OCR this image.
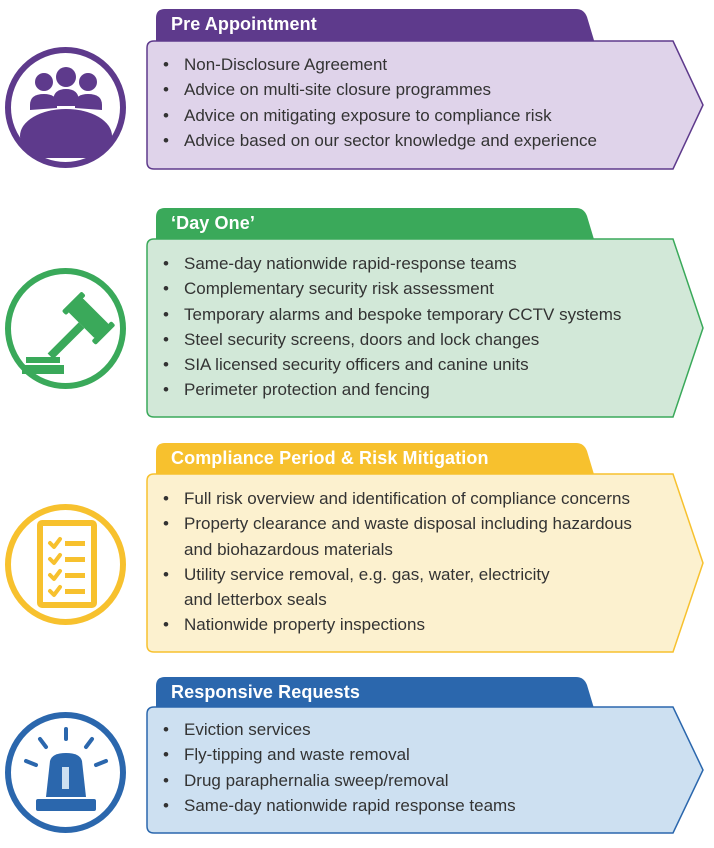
Pre Appointment
• Non-Disclosure Agreement
• Advice on multi-site closure programmes
• Advice on mitigating exposure to compliance risk
• Advice based on our sector knowledge and experience
‘Day One’
• Same-day nationwide rapid-response teams
• Complementary security risk assessment
• Temporary alarms and bespoke temporary CCTV systems
• Steel security screens, doors and lock changes
• SIA licensed security officers and canine units
• Perimeter protection and fencing
Compliance Period & Risk Mitigation
• Full risk overview and identification of compliance concerns
• Property clearance and waste disposal including hazardous
and biohazardous materials
• Utility service removal, e.g. gas, water, electricity
and letterbox seals
• Nationwide property inspections
Responsive Requests
• Eviction services
• Fly-tipping and waste removal
• Drug paraphernalia sweep/removal
• Same-day nationwide rapid response teams
